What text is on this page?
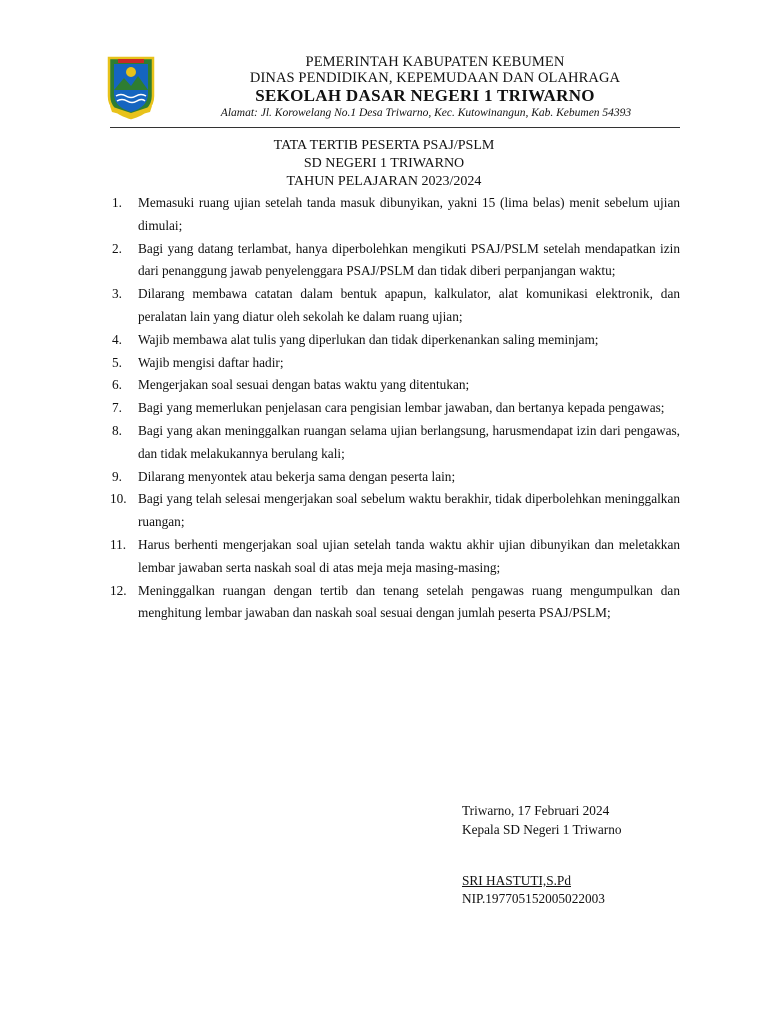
PEMERINTAH KABUPATEN KEBUMEN
DINAS PENDIDIKAN, KEPEMUDAAN DAN OLAHRAGA
SEKOLAH DASAR NEGERI 1 TRIWARNO
Alamat: Jl. Korowelang No.1 Desa Triwarno, Kec. Kutowinangun, Kab. Kebumen 54393
TATA TERTIB PESERTA PSAJ/PSLM
SD NEGERI 1 TRIWARNO
TAHUN PELAJARAN 2023/2024
1.	Memasuki ruang ujian setelah tanda masuk dibunyikan, yakni 15 (lima belas) menit sebelum ujian dimulai;
2.	Bagi yang datang terlambat, hanya diperbolehkan mengikuti PSAJ/PSLM setelah mendapatkan izin dari penanggung jawab penyelenggara PSAJ/PSLM dan tidak diberi perpanjangan waktu;
3.	Dilarang membawa catatan dalam bentuk apapun, kalkulator, alat komunikasi elektronik, dan peralatan lain yang diatur oleh sekolah ke dalam ruang ujian;
4.	Wajib membawa alat tulis yang diperlukan dan tidak diperkenankan saling meminjam;
5.	Wajib mengisi daftar hadir;
6.	Mengerjakan soal sesuai dengan batas waktu yang ditentukan;
7.	Bagi yang memerlukan penjelasan cara pengisian lembar jawaban, dan bertanya kepada pengawas;
8.	Bagi yang akan meninggalkan ruangan selama ujian berlangsung, harusmendapat izin dari pengawas, dan tidak melakukannya berulang kali;
9.	Dilarang menyontek atau bekerja sama dengan peserta lain;
10. Bagi yang telah selesai mengerjakan soal sebelum waktu berakhir, tidak diperbolehkan meninggalkan ruangan;
11. Harus berhenti mengerjakan soal ujian setelah tanda waktu akhir ujian dibunyikan dan meletakkan lembar jawaban serta naskah soal di atas meja meja masing-masing;
12. Meninggalkan ruangan dengan tertib dan tenang setelah pengawas ruang mengumpulkan dan menghitung lembar jawaban dan naskah soal sesuai dengan jumlah peserta PSAJ/PSLM;
Triwarno, 17 Februari 2024
Kepala SD Negeri 1 Triwarno
SRI HASTUTI,S.Pd
NIP.197705152005022003
